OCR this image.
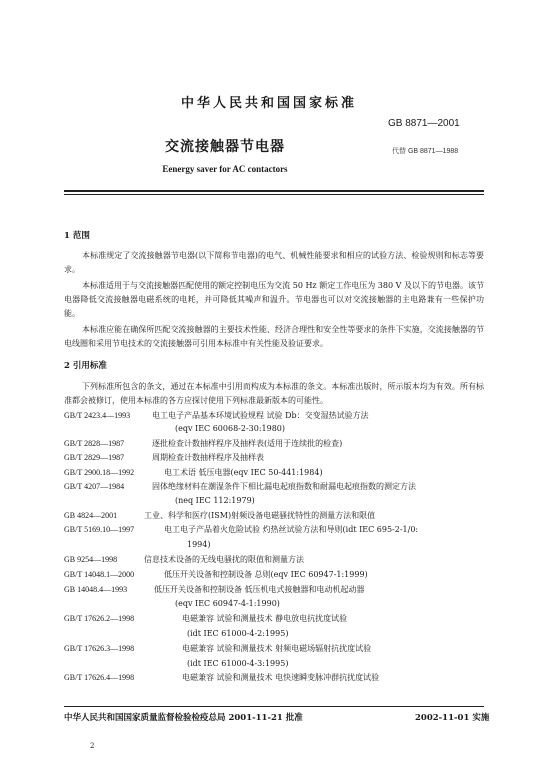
中华人民共和国国家标准
GB 8871—2001
交流接触器节电器	代替 GB 8871—1988
Eenergy saver for AC contactors
1 范围
本标准规定了交流接触器节电器(以下简称节电器)的电气、机械性能要求和相应的试验方法、检验规则和标志等要求。
本标准适用于与交流接触器匹配使用的额定控制电压为交流 50 Hz 额定工作电压为 380 V 及以下的节电器。该节电器降低交流接触器电磁系统的电耗，并可降低其噪声和温升。节电器也可以对交流接触器的主电路兼有一些保护功能。
本标准应能在确保所匹配交流接触器的主要技术性能、经济合理性和安全性等要求的条件下实施，交流接触器的节电线圈和采用节电技术的交流接触器可引用本标准中有关性能及验证要求。
2 引用标准
下列标准所包含的条文，通过在本标准中引用而构成为本标准的条文。本标准出版时，所示版本均为有效。所有标准都会被修订，使用本标准的各方应探讨使用下列标准最新版本的可能性。
GB/T 2423.4—1993	电工电子产品基本环境试验规程 试验 Db：交变湿热试验方法
(eqv IEC 60068-2-30:1980)
GB/T 2828—1987	逐批检查计数抽样程序及抽样表(适用于连续批的检查)
GB/T 2829—1987	周期检查计数抽样程序及抽样表
GB/T 2900.18—1992	电工术语 低压电器(eqv IEC 50-441:1984)
GB/T 4207—1984	固体绝缘材料在潮湿条件下相比漏电起痕指数和耐漏电起痕指数的测定方法
(neq IEC 112:1979)
GB 4824—2001	工业、科学和医疗(ISM)射频设备电磁骚扰特性的测量方法和限值
GB/T 5169.10—1997	电工电子产品着火危险试验 灼热丝试验方法和导则(idt IEC 695-2-1/0:
1994)
GB 9254—1998	信息技术设备的无线电骚扰的限值和测量方法
GB/T 14048.1—2000	低压开关设备和控制设备 总则(eqv IEC 60947-1:1999)
GB 14048.4—1993	低压开关设备和控制设备 低压机电式接触器和电动机起动器
(eqv IEC 60947-4-1:1990)
GB/T 17626.2—1998	电磁兼容 试验和测量技术 静电放电抗扰度试验
(idt IEC 61000-4-2:1995)
GB/T 17626.3—1998	电磁兼容 试验和测量技术 射频电磁场辐射抗扰度试验
(idt IEC 61000-4-3:1995)
GB/T 17626.4—1998	电磁兼容 试验和测量技术 电快速瞬变脉冲群抗扰度试验
中华人民共和国国家质量监督检验检疫总局 2001-11-21 批准	2002-11-01 实施
2
